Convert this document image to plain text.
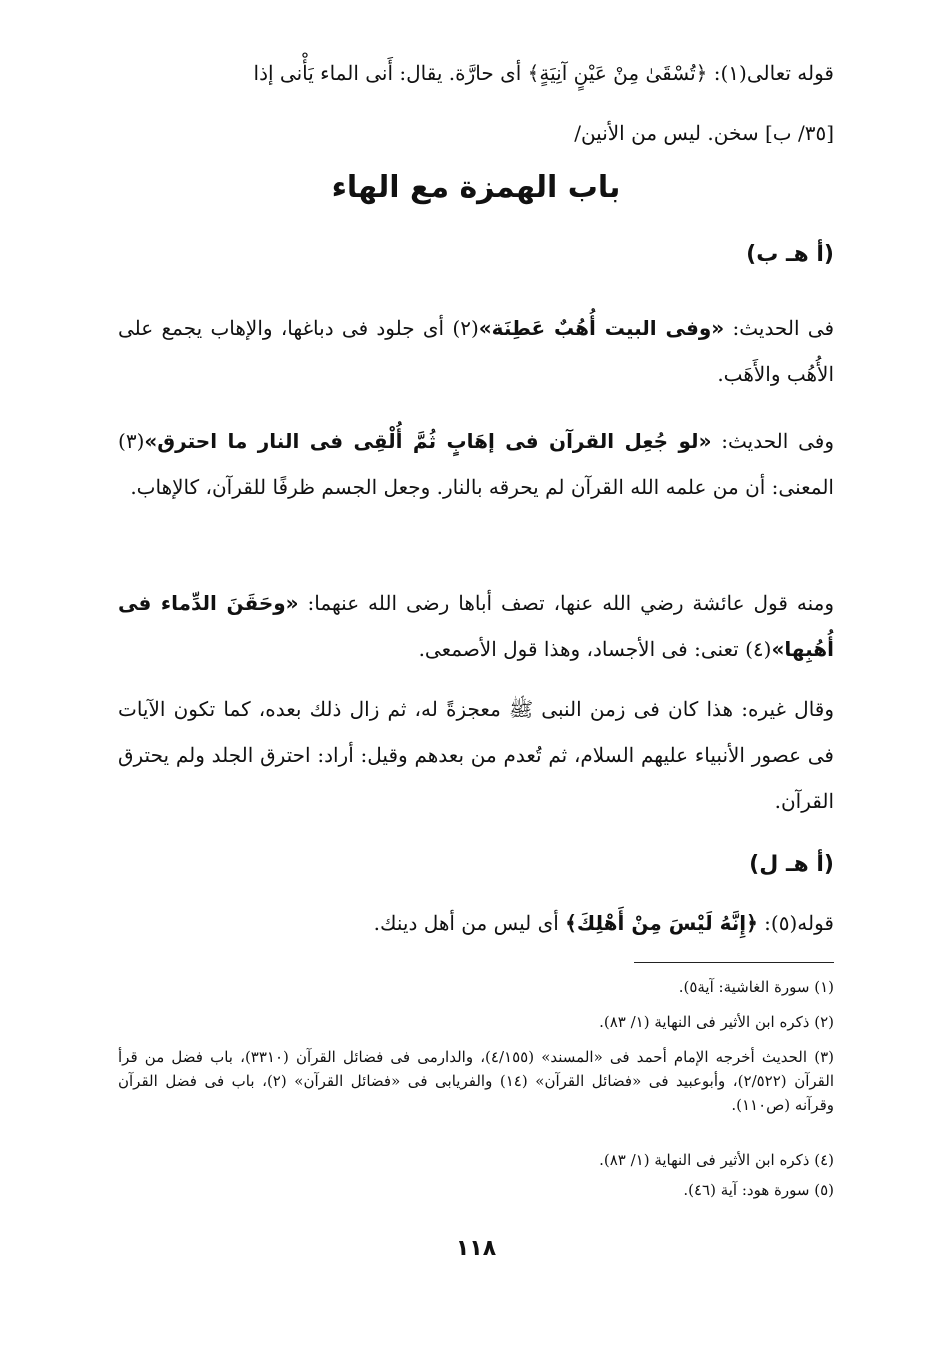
قوله تعالى(١): ﴿تُسْقَىٰ مِنْ عَيْنٍ آنِيَةٍ﴾ أى حارَّة. يقال: أَنى الماء يَأْنى إذا
[٣٥/ ب] سخن. ليس من الأنين/
باب الهمزة مع الهاء
(أ هـ ب)
فى الحديث: «وفى البيت أُهُبٌ عَطِنَة»(٢) أى جلود فى دباغها، والإهاب يجمع على الأُهُب والأَهَب.
وفى الحديث: «لو جُعِل القرآن فى إهَابٍ ثُمَّ أُلْقِى فى النار ما احترق»(٣) المعنى: أن من علمه الله القرآن لم يحرقه بالنار. وجعل الجسم ظرفًا للقرآن، كالإهاب.
ومنه قول عائشة رضي الله عنها، تصف أباها رضى الله عنهما: «وحَقَنَ الدِّماء فى أُهُبِها»(٤) تعنى: فى الأجساد، وهذا قول الأصمعى.
وقال غيره: هذا كان فى زمن النبى ﷺ معجزةً له، ثم زال ذلك بعده، كما تكون الآيات فى عصور الأنبياء عليهم السلام، ثم تُعدم من بعدهم وقيل: أراد: احترق الجلد ولم يحترق القرآن.
(أ هـ ل)
قوله(٥): ﴿إِنَّهُ لَيْسَ مِنْ أَهْلِكَ﴾ أى ليس من أهل دينك.
(١) سورة الغاشية: آية٥).
(٢) ذكره ابن الأثير فى النهاية (١/ ٨٣).
(٣) الحديث أخرجه الإمام أحمد فى «المسند» (٤/١٥٥)، والدارمى فى فضائل القرآن (٣٣١٠)، باب فضل من قرأ القرآن (٢/٥٢٢)، وأبوعبيد فى «فضائل القرآن» (١٤) والفريابى فى «فضائل القرآن» (٢)، باب فى فضل القرآن وقرآنه (ص١١٠).
(٤) ذكره ابن الأثير فى النهاية (١/ ٨٣).
(٥) سورة هود: آية (٤٦).
١١٨
